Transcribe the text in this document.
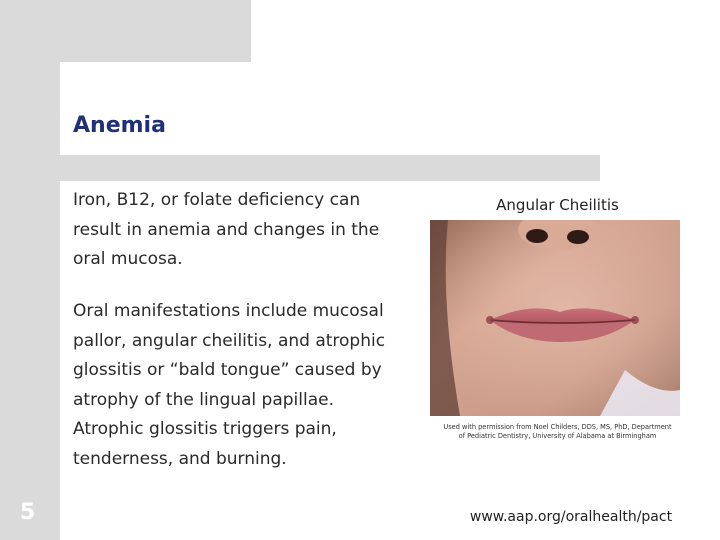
Anemia
Iron, B12, or folate deficiency can result in anemia and changes in the oral mucosa.
Oral manifestations include mucosal pallor, angular cheilitis, and atrophic glossitis or “bald tongue” caused by atrophy of the lingual papillae. Atrophic glossitis triggers pain, tenderness, and burning.
Angular Cheilitis
Used with permission from Noel Childers, DDS, MS, PhD, Department of Pediatric Dentistry, University of Alabama at Birmingham
www.aap.org/oralhealth/pact
5
